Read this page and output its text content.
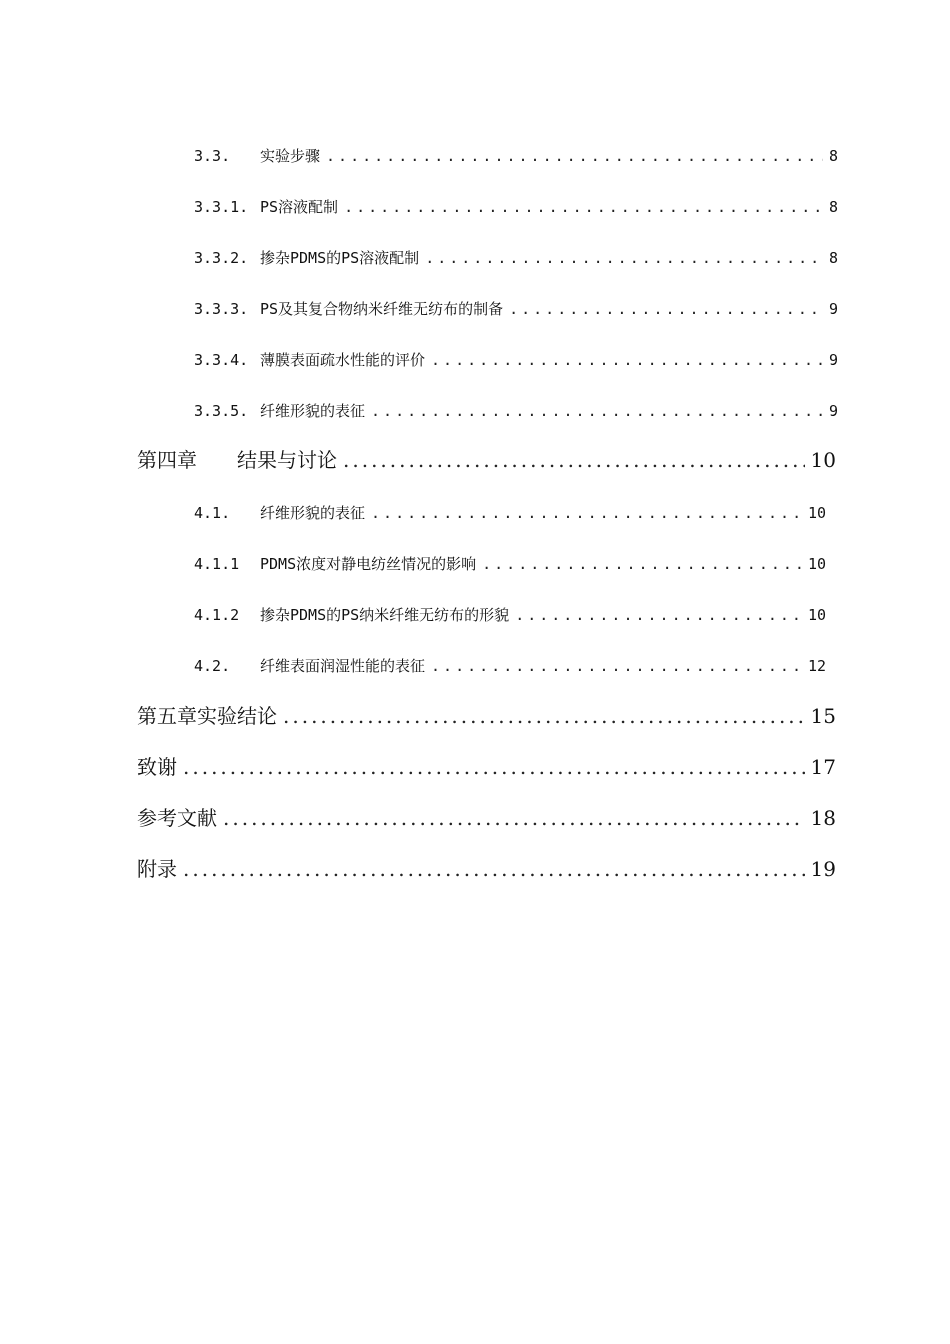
3.3.	实验步骤 .....	8
3.3.1. PS溶液配制 .....	8
3.3.2. 掺杂PDMS的PS溶液配制 .....	8
3.3.3. PS及其复合物纳米纤维无纺布的制备 .....	9
3.3.4. 薄膜表面疏水性能的评价 .....	9
3.3.5. 纤维形貌的表征 .....	9
第四章	结果与讨论 .....	10
4.1.	纤维形貌的表征 .....	10
4.1.1	PDMS浓度对静电纺丝情况的影响 .....	10
4.1.2	掺杂PDMS的PS纳米纤维无纺布的形貌 .....	10
4.2.	纤维表面润湿性能的表征 .....	12
第五章实验结论 .....	15
致谢 .....	17
参考文献 .....	18
附录 .....	19
